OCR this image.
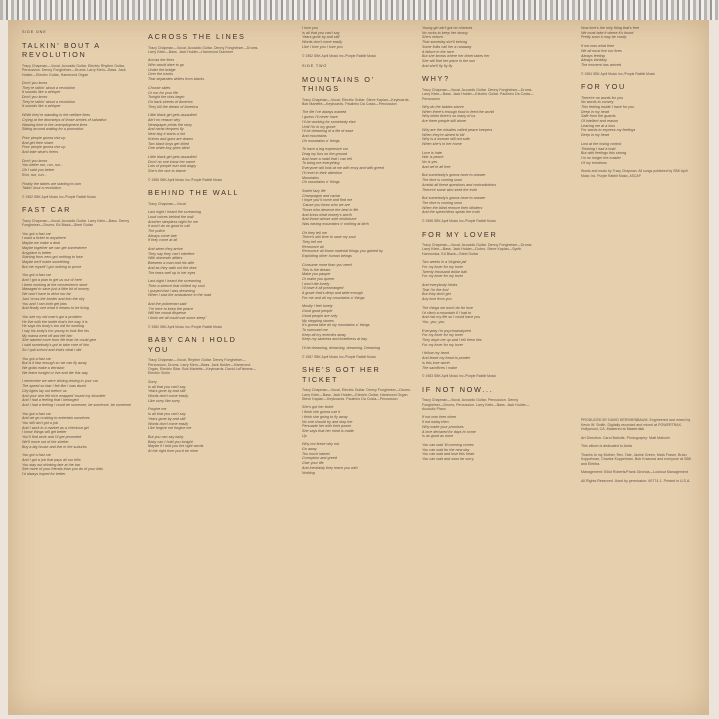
SIDE ONE
TALKIN' BOUT A REVOLUTION
Tracy Chapman—Vocal, Acoustic Guitar, Electric Rhythm Guitar, Percussion. Denny Fongheiser—Drums. Larry Klein—Bass. Jack Holder—Electric Guitar, Hammond Organ
Don't you know
They're talkin' about a revolution
It sounds like a whisper
Don't you know
They're talkin' about a revolution
It sounds like a whisper
While they're standing in the welfare lines
Crying at the doorsteps of those armies of salvation
Wasting time in the unemployment lines
Sitting around waiting for a promotion
Poor people gonna rise up
And get their share
Poor people gonna rise up
And take what's theirs
Don't you know
You better run, run, run...
Oh I said you better
Run, run, run...
Finally the tables are starting to turn
Talkin' bout a revolution
© 1982 SBK April Music Inc./Purple Rabbit Music
FAST CAR
Tracy Chapman—Vocal, Acoustic Guitar. Larry Klein—Bass. Denny Fongheiser—Drums. Ed Black—Steel Guitar
You got a fast car
I want a ticket to anywhere
Maybe we make a deal
Maybe together we can get somewhere
Anyplace is better
Starting from zero got nothing to lose
Maybe we'll make something
But me myself I got nothing to prove
You got a fast car
And I got a plan to get us out of here
I been working at the convenience store
Managed to save just a little bit of money
We won't have to drive too far
Just 'cross the border and into the city
You and I can both get jobs
And finally see what it means to be living
You see my old man's got a problem
He live with the bottle that's the way it is
He says his body's too old for working
I say his body's too young to look like his
My mama went off and left him
She wanted more from life than he could give
I said somebody's got to take care of him
So I quit school and that's what I did
You got a fast car
But is it fast enough so we can fly away
We gotta make a decision
We leave tonight or live and die this way
I remember we were driving driving in your car
The speed so fast I felt like I was drunk
City lights lay out before us
And your arm felt nice wrapped 'round my shoulder
And I had a feeling that I belonged
And I had a feeling I could be someone, be someone, be someone
You got a fast car
And we go cruising to entertain ourselves
You still ain't got a job
And I work in a market as a checkout girl
I know things will get better
You'll find work and I'll get promoted
We'll move out of the shelter
Buy a big house and live in the suburbs
You got a fast car
And I got a job that pays all our bills
You stay out drinking late at the bar
See more of your friends than you do of your kids
I'd always hoped for better
ACROSS THE LINES
Tracy Chapman—Vocal, Acoustic Guitar. Denny Fongheiser—Drums. Larry Klein—Bass. Jack Holder—Hammond Dulcimer
Across the lines
Who would dare to go
Under the bridge
Over the tracks
That separates whites from blacks
Choose sides
Or run for your life
Tonight the riots begin
On back streets of America
They kill the dream of America
Little black girl gets assaulted
Ain't no reason why
Newspaper prints the story
And racist tempers fly
Next day it starts a riot
Knives and guns are drawn
Two black boys get killed
One white boy goes blind
Little black girl gets assaulted
Don't no one know her name
Lots of people hurt and angry
She's the one to blame
© 1985 SBK April Music Inc./Purple Rabbit Music
BEHIND THE WALL
Tracy Chapman—Vocal
Last night I heard the screaming
Loud voices behind the wall
Another sleepless night for me
It won't do no good to call
The police
Always come late
If they come at all
And when they arrive
They say they can't interfere
With domestic affairs
Between a man and his wife
And as they walk out the door
The tears well up in her eyes
Last night I heard the screaming
Then a silence that chilled my soul
I prayed that I was dreaming
When I saw the ambulance in the road
And the policeman said
"I'm here to keep the peace
Will the crowd disperse
I think we all could use some sleep"
© 1982 SBK April Music Inc./Purple Rabbit Music
BABY CAN I HOLD YOU
Tracy Chapman—Vocal, Rhythm Guitar. Denny Fongheiser—Percussion, Drums. Larry Klein—Bass. Jack Holder—Hammond Organ, Electric Sitar. Bob Marlette—Keyboards. David LaFlamme—Electric Violin
Sorry
Is all that you can't say
Years gone by and still
Words don't come easily
Like sorry like sorry
Forgive me
Is all that you can't say
Years gone by and still
Words don't come easily
Like forgive me forgive me
But you can say baby
Baby can I hold you tonight
Maybe if I told you the right words
At the right time you'd be mine
I love you
Is all that you can't say
Years gone by and still
Words don't come easily
Like I love you I love you
© 1982 SBK April Music Inc./Purple Rabbit Music
SIDE TWO
MOUNTAINS O' THINGS
Tracy Chapman—Vocal, Electric Guitar. Steve Kaplan—Keyboards. Bob Marlette—Keyboards. Paulinho Da Costa—Percussion
The life I've always wanted
I guess I'll never have
I'll be working for somebody else
Until I'm in my grave
I'll be dreaming of a life of ease
And mountains
Oh mountains o' things
To have a big expensive car
Drag my furs on the ground
And have a maid that I can tell
To bring me everything
Everyone will look at me with envy and with greed
I'll revel in their attention
Mountains
Oh mountains o' things
Sweet lazy life
Champagne and caviar
I hope you'll come and find me
'Cause you know who we are
Those who deserve the best in life
And know what money's worth
And those whose sole misfortune
Was having mountains o' nothing at birth
Oh they tell me
There's still time to save my soul
They tell me
Renounce all
Renounce all those material things you gained by
Exploiting other human beings
Consume more than you need
This is the dream
Make you pauper
Or make you queen
I won't die lonely
I'll have it all prearranged
A grave that's deep and wide enough
For me and all my mountains o' things
Mostly I feel lonely
Good good people
Good people are only
My stepping stones
It's gonna take all my mountains o' things
To surround me
Keep all my enemies away
Keep my sadness and loneliness at bay
I'll be dreaming, dreaming, dreaming, Dreaming
© 1987 SBK April Music Inc./Purple Rabbit Music
SHE'S GOT HER TICKET
Tracy Chapman—Vocal, Electric Guitar. Denny Fongheiser—Drums. Larry Klein—Bass. Jack Holder—Electric Guitar, Hammond Organ. Steve Kaplan—Keyboards. Paulinho Da Costa—Percussion
She's got her ticket
I think she gonna use it
I think she going to fly away
No one should try and stop her
Persuade her with their power
She says that her mind is made
Up
Why not leave why not
Go away
Too much hatred
Corruption and greed
Give your life
And inevitably they leave you with
Nothing
Young girl ain't got no chances
No rocks to keep her strong
She's reborn
That someday she'll belong
Some folks call her a runaway
A failure in the race
But she knows where her ticket takes her
She will find her place in the sun
And she'll fly fly fly
WHY?
Tracy Chapman—Vocal, Acoustic Guitar. Denny Fongheiser—Drums. Larry Klein—Bass. Jack Holder—Electric Guitar. Paulinho Da Costa—Percussion
Why do the babies starve
When there's enough food to feed the world
Why when there's so many of us
Are there people still alone
Why are the missiles called peace keepers
When they're aimed to kill
Why is a woman still not safe
When she's in her home
Love is hate
War is peace
No is yes
And we're all free
But somebody's gonna have to answer
The time is coming soon
Amidst all these questions and contradictions
There're some who seek the truth
But somebody's gonna have to answer
The time is coming soon
When the blind remove their blinders
And the speechless speak the truth
© 1988 SBK April Music Inc./Purple Rabbit Music
FOR MY LOVER
Tracy Chapman—Vocal, Acoustic Guitar. Denny Fongheiser—Drums. Larry Klein—Bass. Jack Holder—Dobro. Steve Kaplan—Synth Harmonica. Ed Black—Steel Guitar
Two weeks in a Virginia jail
For my lover for my lover
Twenty thousand dollar bail
For my lover for my lover
And everybody thinks
That I'm the fool
But they don't get
Any love from you
The things we won't do for love
I'd climb a mountain if I had to
And risk my life so I could have you
You, you, you
Everyday I'm psychoanalyzed
For my lover for my lover
They dope me up and I tell them lies
For my lover for my lover
I follow my heart
And leave my head to ponder
Is this love worth
The sacrifices I make
© 1983 SBK April Music Inc./Purple Rabbit Music
IF NOT NOW...
Tracy Chapman—Vocal, Acoustic Guitar, Percussion. Denny Fongheiser—Drums, Percussion. Larry Klein—Bass. Jack Holder—Acoustic Piano
If not now then when
If not today then
Why make your promises
A love declared for days to come
Is as good as none
You can wait 'til morning comes
You can wait for the new day
You can wait and lose this heart
You can wait and soon be sorry
Now love's the only thing that's free
We must take it where it's found
Pretty soon it may be costly
If not now what then
We all must live our lives
Always feeling
Always thinking
The moment has arrived
© 1984 SBK April Music Inc./Purple Rabbit Music
FOR YOU
There're no words for you
No words to convey
This feeling inside I have for you
Deep in my heart
Safe from the guards
Of intellect and reason
Leaving me at a loss
For words to express my feelings
Deep in my heart
Lost at the losing control
Thinking I had a hold
But with feelings this strong
I'm no longer the master
Of my emotions
Words and music by Tracy Chapman. All songs published by SBK April Music Inc. Purple Rabbit Music, ASCAP
PRODUCED BY DAVID KERSHENBAUM. Engineered and mixed by Kevin W. Smith. Digitally recorded and mixed at POWERTRAX, Hollywood, CA. Mastered at Masterdisk
Art Direction: Carol Bobolts. Photography: Matt Mahurin
This album is dedicated to Anita
Thanks to my Mother, Rev. Tate, Jackie Green, Mark Fraser, Brian Koppelman, Charles Koppelman, Bob Krasnow and everyone at SBK and Elektra.
Management: Elliot Roberts/Frank Gironda—Lookout Management
All Rights Reserved. Used by permission. 60774-1. Printed in U.S.A.
